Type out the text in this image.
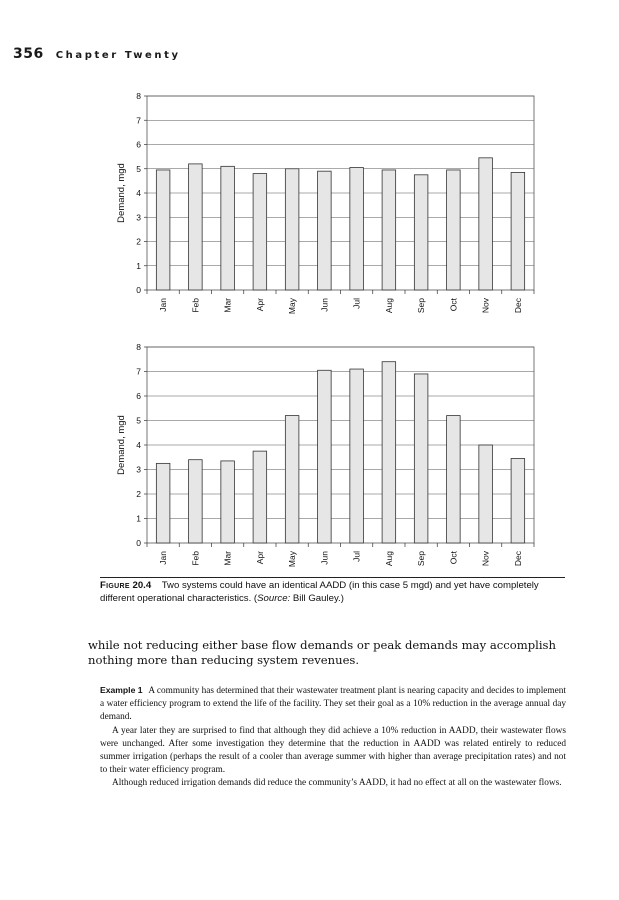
356 Chapter Twenty
0
1
2
3
4
5
6
7
8
Demand, mgd
Jan	Feb	Mar	Apr	May	Jun	Jul	Aug	Sep	Oct	Nov	Dec
0
1
2
3
4
5
6
7
8
Demand, mgd
Jan	Feb	Mar	Apr	May	Jun	Jul	Aug	Sep	Oct	Nov	Dec
Figure 20.4 Two systems could have an identical AADD (in this case 5 mgd) and yet have completely different operational characteristics. (Source: Bill Gauley.)
while not reducing either base flow demands or peak demands may accomplish nothing more than reducing system revenues.

Example 1 A community has determined that their wastewater treatment plant is nearing capacity and decides to implement a water efficiency program to extend the life of the facility. They set their goal as a 10% reduction in the average annual day demand.

A year later they are surprised to find that although they did achieve a 10% reduction in AADD, their wastewater flows were unchanged. After some investigation they determine that the reduction in AADD was related entirely to reduced summer irrigation (perhaps the result of a cooler than average summer with higher than average precipitation rates) and not to their water efficiency program.

Although reduced irrigation demands did reduce the community’s AADD, it had no effect at all on the wastewater flows.
